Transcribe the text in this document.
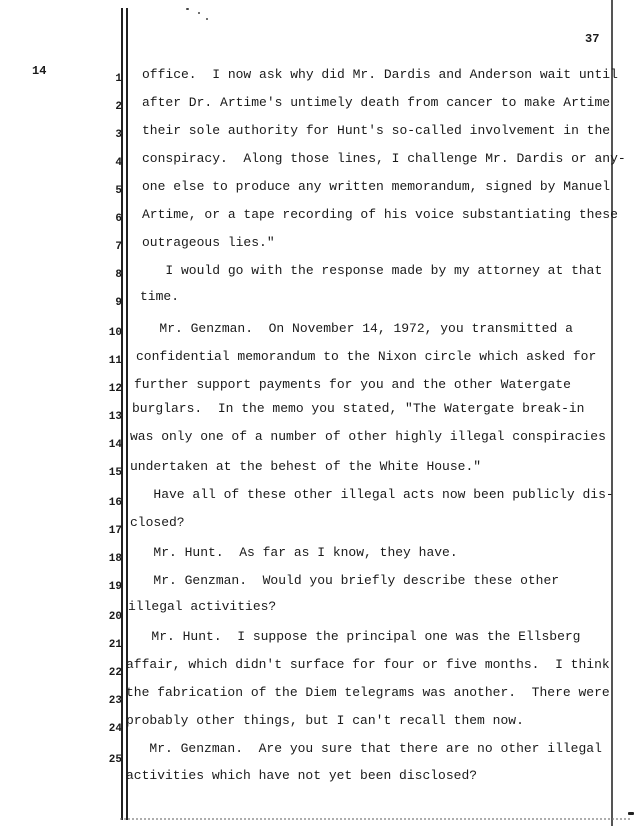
37
14
1 office.  I now ask why did Mr. Dardis and Anderson wait until
2 after Dr. Artime's untimely death from cancer to make Artime
3 their sole authority for Hunt's so-called involvement in the
4 conspiracy.  Along those lines, I challenge Mr. Dardis or any-
5 one else to produce any written memorandum, signed by Manuel
6 Artime, or a tape recording of his voice substantiating these
7 outrageous lies."
8 I would go with the response made by my attorney at that
9 time.
10 Mr. Genzman.  On November 14, 1972, you transmitted a
11 confidential memorandum to the Nixon circle which asked for
12 further support payments for you and the other Watergate
13
burglars.  In the memo you stated, "The Watergate break-in
14
was only one of a number of other highly illegal conspiracies
15 undertaken at the behest of the White House."
16
Have all of these other illegal acts now been publicly dis-
17
closed?
18 Mr. Hunt.  As far as I know, they have.
19 Mr. Genzman.  Would you briefly describe these other
20
illegal activities?
21
Mr. Hunt.  I suppose the principal one was the Ellsberg
22
affair, which didn't surface for four or five months.  I think
23
the fabrication of the Diem telegrams was another.  There were
24
probably other things, but I can't recall them now.
25
Mr. Genzman.  Are you sure that there are no other illegal
activities which have not yet been disclosed?
